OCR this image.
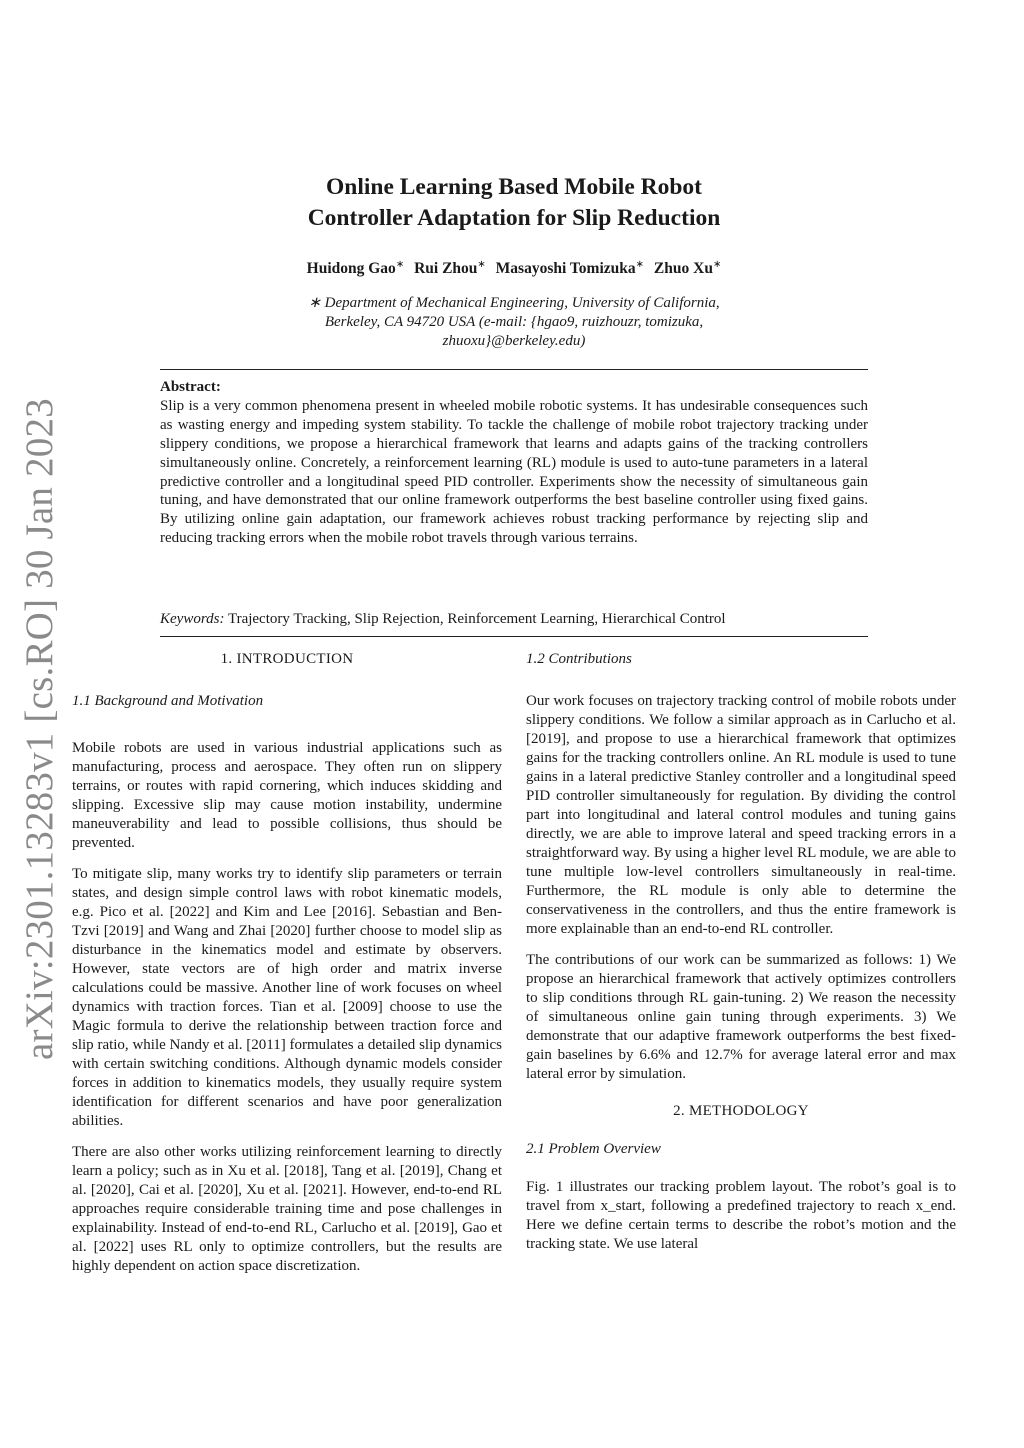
arXiv:2301.13283v1 [cs.RO] 30 Jan 2023
Online Learning Based Mobile Robot
Controller Adaptation for Slip Reduction
Huidong Gao∗ Rui Zhou∗ Masayoshi Tomizuka∗ Zhuo Xu∗
∗ Department of Mechanical Engineering, University of California,
Berkeley, CA 94720 USA (e-mail: {hgao9, ruizhouzr, tomizuka,
zhuoxu}@berkeley.edu)
Abstract:

Slip is a very common phenomena present in wheeled mobile robotic systems. It has undesirable consequences such as wasting energy and impeding system stability. To tackle the challenge of mobile robot trajectory tracking under slippery conditions, we propose a hierarchical framework that learns and adapts gains of the tracking controllers simultaneously online. Concretely, a reinforcement learning (RL) module is used to auto-tune parameters in a lateral predictive controller and a longitudinal speed PID controller. Experiments show the necessity of simultaneous gain tuning, and have demonstrated that our online framework outperforms the best baseline controller using fixed gains. By utilizing online gain adaptation, our framework achieves robust tracking performance by rejecting slip and reducing tracking errors when the mobile robot travels through various terrains.

Keywords: Trajectory Tracking, Slip Rejection, Reinforcement Learning, Hierarchical Control

1. INTRODUCTION

1.1 Background and Motivation

Mobile robots are used in various industrial applications such as manufacturing, process and aerospace. They often run on slippery terrains, or routes with rapid cornering, which induces skidding and slipping. Excessive slip may cause motion instability, undermine maneuverability and lead to possible collisions, thus should be prevented.

To mitigate slip, many works try to identify slip parameters or terrain states, and design simple control laws with robot kinematic models, e.g. Pico et al. [2022] and Kim and Lee [2016]. Sebastian and Ben-Tzvi [2019] and Wang and Zhai [2020] further choose to model slip as disturbance in the kinematics model and estimate by observers. However, state vectors are of high order and matrix inverse calculations could be massive. Another line of work focuses on wheel dynamics with traction forces. Tian et al. [2009] choose to use the Magic formula to derive the relationship between traction force and slip ratio, while Nandy et al. [2011] formulates a detailed slip dynamics with certain switching conditions. Although dynamic models consider forces in addition to kinematics models, they usually require system identification for different scenarios and have poor generalization abilities.

There are also other works utilizing reinforcement learning to directly learn a policy; such as in Xu et al. [2018], Tang et al. [2019], Chang et al. [2020], Cai et al. [2020], Xu et al. [2021]. However, end-to-end RL approaches require considerable training time and pose challenges in explainability. Instead of end-to-end RL, Carlucho et al. [2019], Gao et al. [2022] uses RL only to optimize controllers, but the results are highly dependent on action space discretization.

1.2 Contributions

Our work focuses on trajectory tracking control of mobile robots under slippery conditions. We follow a similar approach as in Carlucho et al. [2019], and propose to use a hierarchical framework that optimizes gains for the tracking controllers online. An RL module is used to tune gains in a lateral predictive Stanley controller and a longitudinal speed PID controller simultaneously for regulation. By dividing the control part into longitudinal and lateral control modules and tuning gains directly, we are able to improve lateral and speed tracking errors in a straightforward way. By using a higher level RL module, we are able to tune multiple low-level controllers simultaneously in real-time. Furthermore, the RL module is only able to determine the conservativeness in the controllers, and thus the entire framework is more explainable than an end-to-end RL controller.

The contributions of our work can be summarized as follows: 1) We propose an hierarchical framework that actively optimizes controllers to slip conditions through RL gain-tuning. 2) We reason the necessity of simultaneous online gain tuning through experiments. 3) We demonstrate that our adaptive framework outperforms the best fixed-gain baselines by 6.6% and 12.7% for average lateral error and max lateral error by simulation.

2. METHODOLOGY

2.1 Problem Overview

Fig. 1 illustrates our tracking problem layout. The robot’s goal is to travel from x_start, following a predefined trajectory to reach x_end. Here we define certain terms to describe the robot’s motion and the tracking state. We use lateral
